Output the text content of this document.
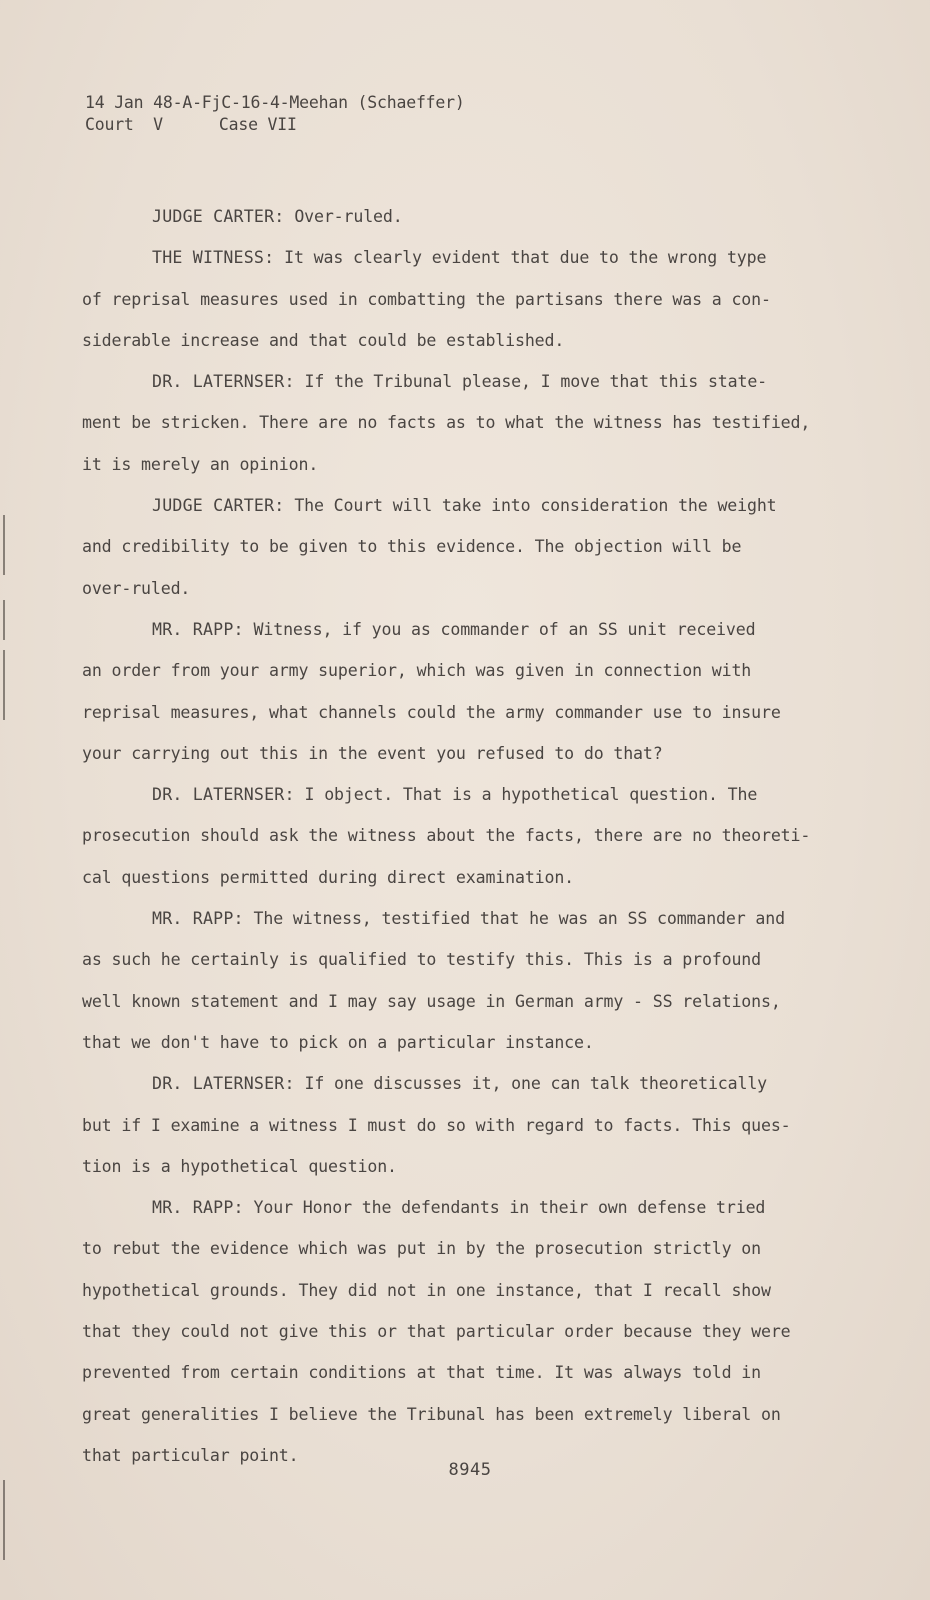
14 Jan 48-A-FjC-16-4-Meehan (Schaeffer)
Court V	Case VII

JUDGE CARTER: Over-ruled.

THE WITNESS: It was clearly evident that due to the wrong type
of reprisal measures used in combatting the partisans there was a con-
siderable increase and that could be established.

DR. LATERNSER: If the Tribunal please, I move that this state-
ment be stricken. There are no facts as to what the witness has testified,
it is merely an opinion.

JUDGE CARTER: The Court will take into consideration the weight
and credibility to be given to this evidence. The objection will be
over-ruled.

MR. RAPP: Witness, if you as commander of an SS unit received
an order from your army superior, which was given in connection with
reprisal measures, what channels could the army commander use to insure
your carrying out this in the event you refused to do that?

DR. LATERNSER: I object. That is a hypothetical question. The
prosecution should ask the witness about the facts, there are no theoreti-
cal questions permitted during direct examination.

MR. RAPP: The witness, testified that he was an SS commander and
as such he certainly is qualified to testify this. This is a profound
well known statement and I may say usage in German army - SS relations,
that we don't have to pick on a particular instance.

DR. LATERNSER: If one discusses it, one can talk theoretically
but if I examine a witness I must do so with regard to facts. This ques-
tion is a hypothetical question.

MR. RAPP: Your Honor the defendants in their own defense tried
to rebut the evidence which was put in by the prosecution strictly on
hypothetical grounds. They did not in one instance, that I recall show
that they could not give this or that particular order because they were
prevented from certain conditions at that time. It was always told in
great generalities I believe the Tribunal has been extremely liberal on
that particular point.

8945
